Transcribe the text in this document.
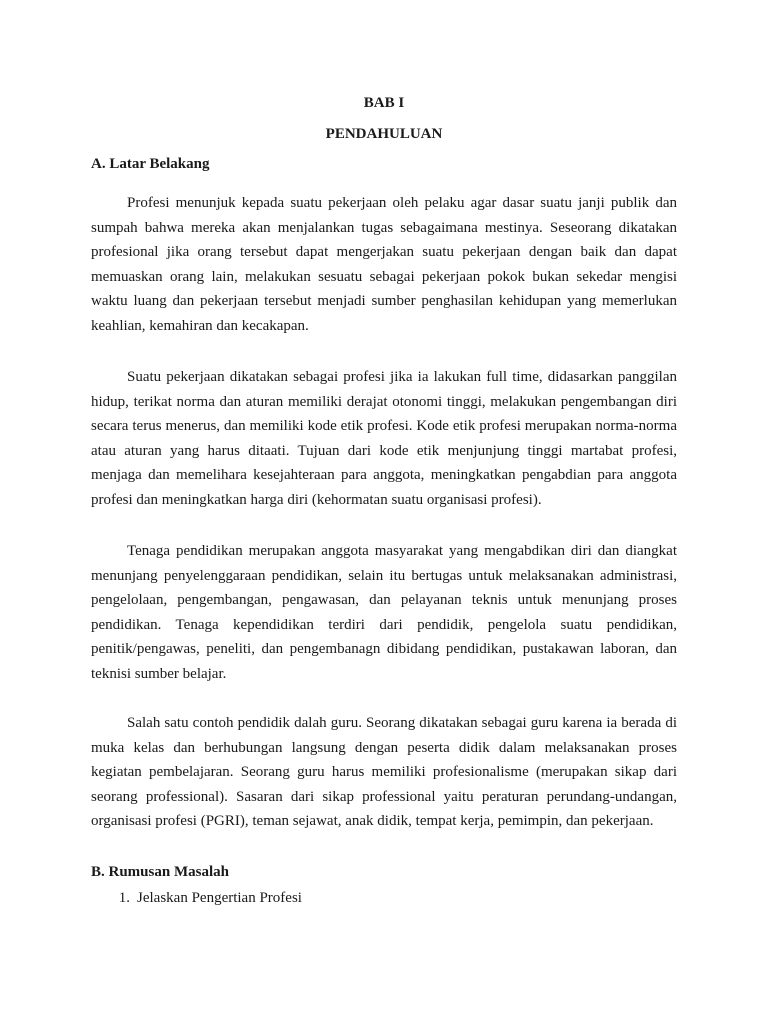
BAB I

PENDAHULUAN

A. Latar Belakang

Profesi menunjuk kepada suatu pekerjaan oleh pelaku agar dasar suatu janji publik dan sumpah bahwa mereka akan menjalankan tugas sebagaimana mestinya. Seseorang dikatakan profesional jika orang tersebut dapat mengerjakan suatu pekerjaan dengan baik dan dapat memuaskan orang lain, melakukan sesuatu sebagai pekerjaan pokok bukan sekedar mengisi waktu luang dan pekerjaan tersebut menjadi sumber penghasilan kehidupan yang memerlukan keahlian, kemahiran dan kecakapan.

Suatu pekerjaan dikatakan sebagai profesi jika ia lakukan full time, didasarkan panggilan hidup, terikat norma dan aturan memiliki derajat otonomi tinggi, melakukan pengembangan diri secara terus menerus, dan memiliki kode etik profesi. Kode etik profesi merupakan norma-norma atau aturan yang harus ditaati. Tujuan dari kode etik menjunjung tinggi martabat profesi, menjaga dan memelihara kesejahteraan para anggota, meningkatkan pengabdian para anggota profesi dan meningkatkan harga diri (kehormatan suatu organisasi profesi).

Tenaga pendidikan merupakan anggota masyarakat yang mengabdikan diri dan diangkat menunjang penyelenggaraan pendidikan, selain itu bertugas untuk melaksanakan administrasi, pengelolaan, pengembangan, pengawasan, dan pelayanan teknis untuk menunjang proses pendidikan. Tenaga kependidikan terdiri dari pendidik, pengelola suatu pendidikan, penitik/pengawas, peneliti, dan pengembanagn dibidang pendidikan, pustakawan laboran, dan teknisi sumber belajar.

Salah satu contoh pendidik dalah guru. Seorang dikatakan sebagai guru karena ia berada di muka kelas dan berhubungan langsung dengan peserta didik dalam melaksanakan proses kegiatan pembelajaran. Seorang guru harus memiliki profesionalisme (merupakan sikap dari seorang professional). Sasaran dari sikap professional yaitu peraturan perundang-undangan, organisasi profesi (PGRI), teman sejawat, anak didik, tempat kerja, pemimpin, dan pekerjaan.

B. Rumusan Masalah

1. Jelaskan Pengertian Profesi
